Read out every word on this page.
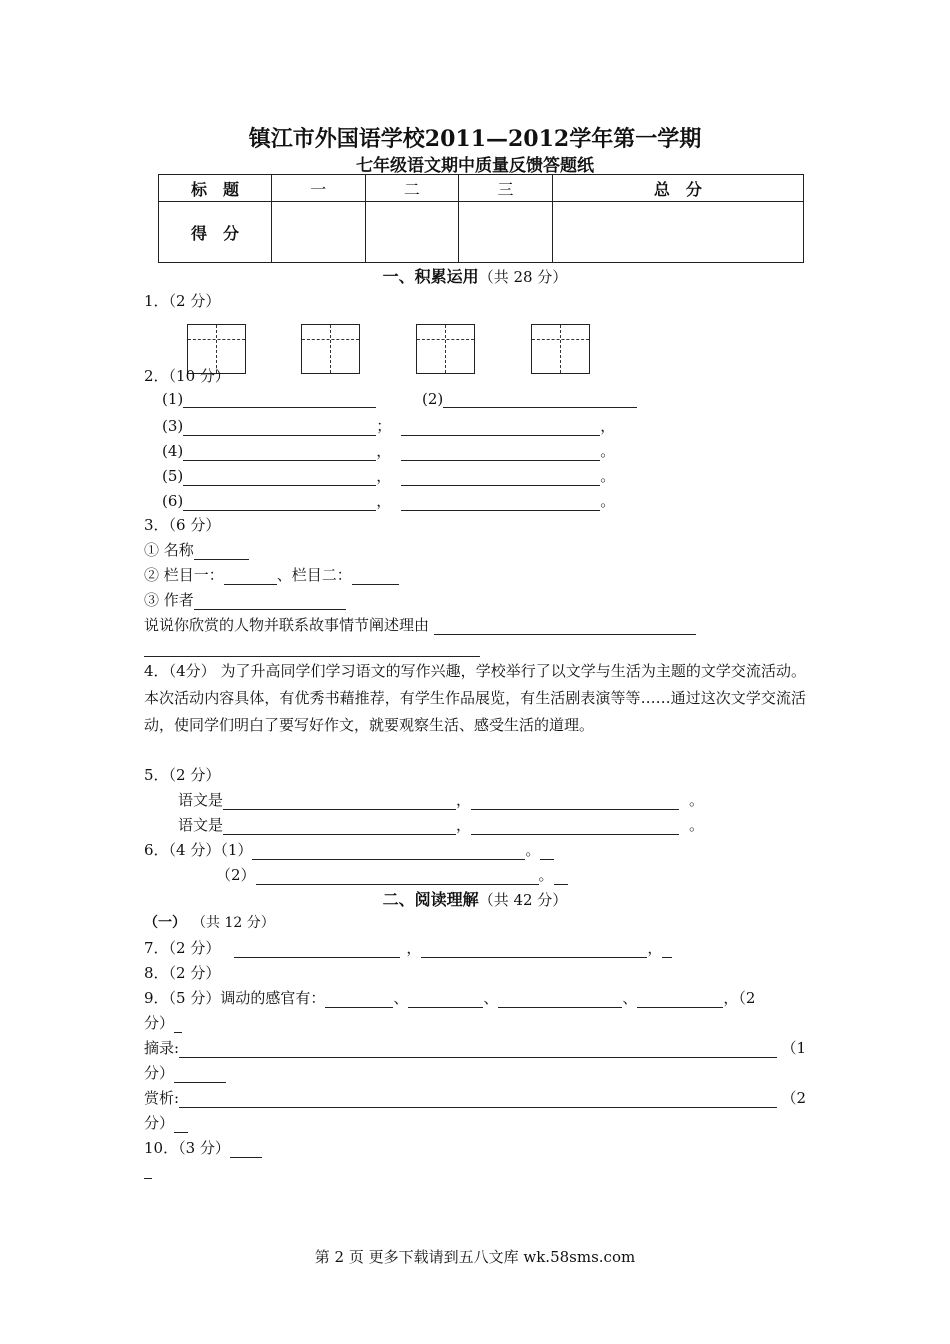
镇江市外国语学校2011—2012学年第一学期
七年级语文期中质量反馈答题纸
标　题	一	二	三	总　分
得　分				
一、积累运用（共 28 分）
1．（2 分）
2．（10 分）
(1)	(2)
(3)	；	，
(4)	，	。
(5)	，	。
(6)	，	。
3．（6 分）
① 名称
② 栏目一：	、栏目二：
③ 作者
说说你欣赏的人物并联系故事情节阐述理由
4．（4分） 为了升高同学们学习语文的写作兴趣，学校举行了以文学与生活为主题的文学交流活动。本次活动内容具体，有优秀书藉推荐，有学生作品展览，有生活剧表演等等……通过这次文学交流活动，使同学们明白了要写好作文，就要观察生活、感受生活的道理。
5．（2 分）
语文是	，	。
语文是	，	。
6．（4 分）（1）	。
（2）	。
二、阅读理解（共 42 分）
（一） （共 12 分）
7．（2 分）	，	，
8．（2 分）
9．（5 分）调动的感官有：	、	、	、	，（2
分）
摘录:	（1
分）
赏析:	（2
分）
10．（3 分）
第 2 页 更多下载请到五八文库 wk.58sms.com
